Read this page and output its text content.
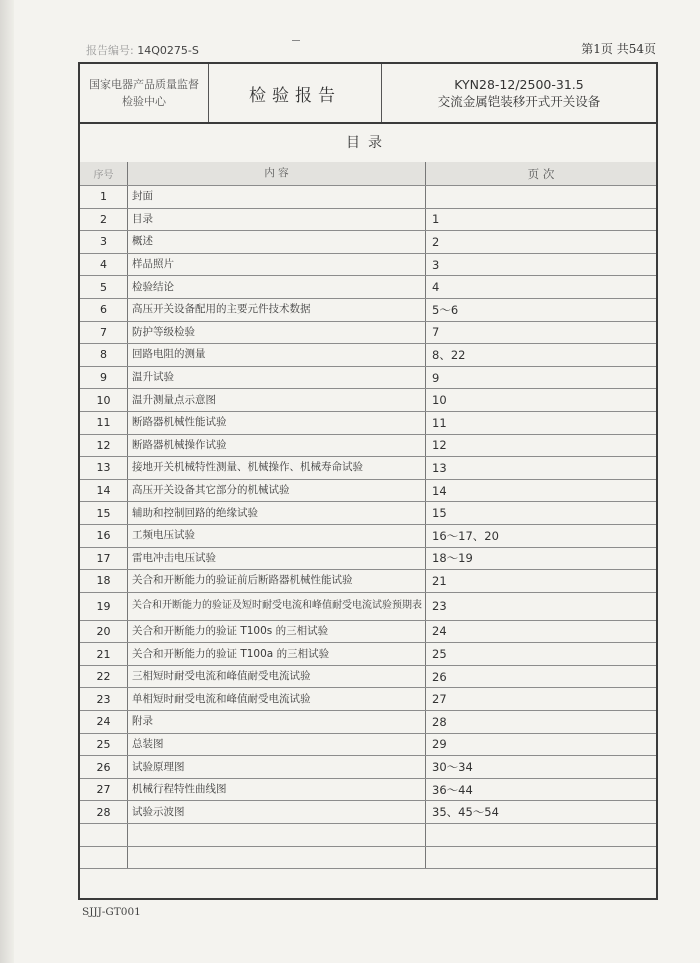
报告编号: 14Q0275-S	第1页 共54页
国家电器产品质量监督
检验中心	检验报告
KYN28-12/2500-31.5
交流金属铠装移开式开关设备
目录
序号	内 容	页 次
1	封面
2	目录	1
3	概述	2
4	样品照片	3
5	检验结论	4
6	高压开关设备配用的主要元件技术数据	5～6
7	防护等级检验	7
8	回路电阻的测量	8、22
9	温升试验	9
10	温升测量点示意图	10
11	断路器机械性能试验	11
12	断路器机械操作试验	12
13	接地开关机械特性测量、机械操作、机械寿命试验	13
14	高压开关设备其它部分的机械试验	14
15	辅助和控制回路的绝缘试验	15
16	工频电压试验	16～17、20
17	雷电冲击电压试验	18～19
18	关合和开断能力的验证前后断路器机械性能试验	21
19	关合和开断能力的验证及短时耐受电流和峰值耐受电流试验预期表 23
20	关合和开断能力的验证 T100s 的三相试验	24
21	关合和开断能力的验证 T100a 的三相试验	25
22	三相短时耐受电流和峰值耐受电流试验	26
23	单相短时耐受电流和峰值耐受电流试验	27
24	附录	28
25	总装图	29
26	试验原理图	30～34
27	机械行程特性曲线图	36～44
28	试验示波图	35、45～54
SJJJ-GT001
